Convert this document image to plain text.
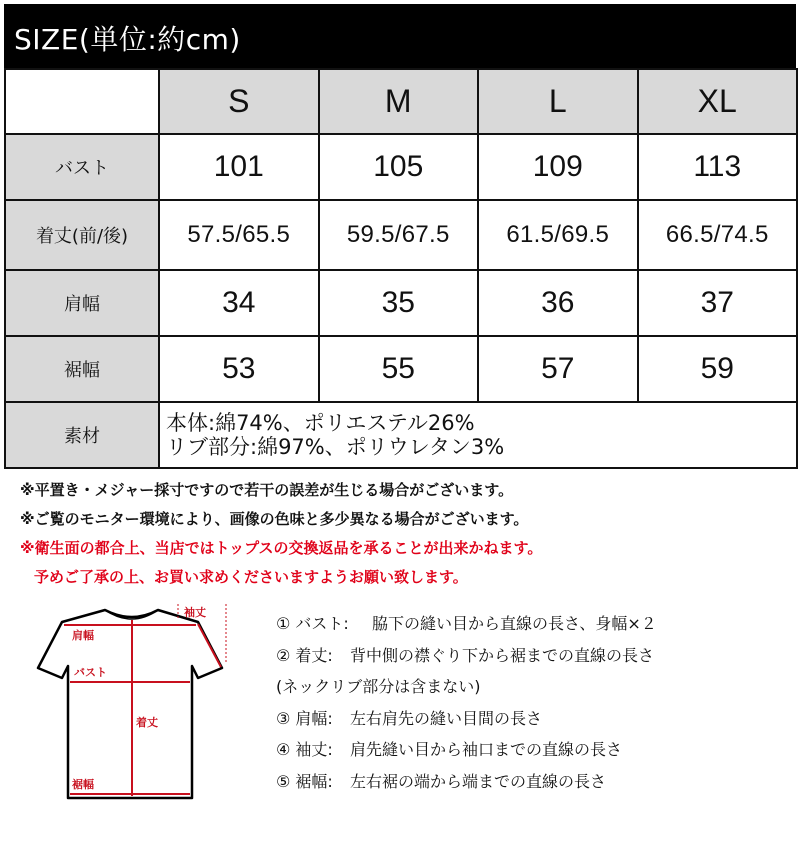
SIZE(単位:約cm)
	S	M	L	XL
バスト	101	105	109	113
着丈(前/後)	57.5/65.5	59.5/67.5	61.5/69.5	66.5/74.5
肩幅	34	35	36	37
裾幅	53	55	57	59
素材	本体:綿74%、ポリエステル26%
リブ部分:綿97%、ポリウレタン3%			
※平置き・メジャー採寸ですので若干の誤差が生じる場合がございます。
※ご覧のモニター環境により、画像の色味と多少異なる場合がございます。
※衛生面の都合上、当店ではトップスの交換返品を承ることが出来かねます。
予めご了承の上、お買い求めくださいますようお願い致します。
袖丈
肩幅
バスト
着丈
裾幅
① バスト: 脇下の縫い目から直線の長さ、身幅×２
② 着丈: 背中側の襟ぐり下から裾までの直線の長さ
(ネックリブ部分は含まない)
③ 肩幅: 左右肩先の縫い目間の長さ
④ 袖丈: 肩先縫い目から袖口までの直線の長さ
⑤ 裾幅: 左右裾の端から端までの直線の長さ
